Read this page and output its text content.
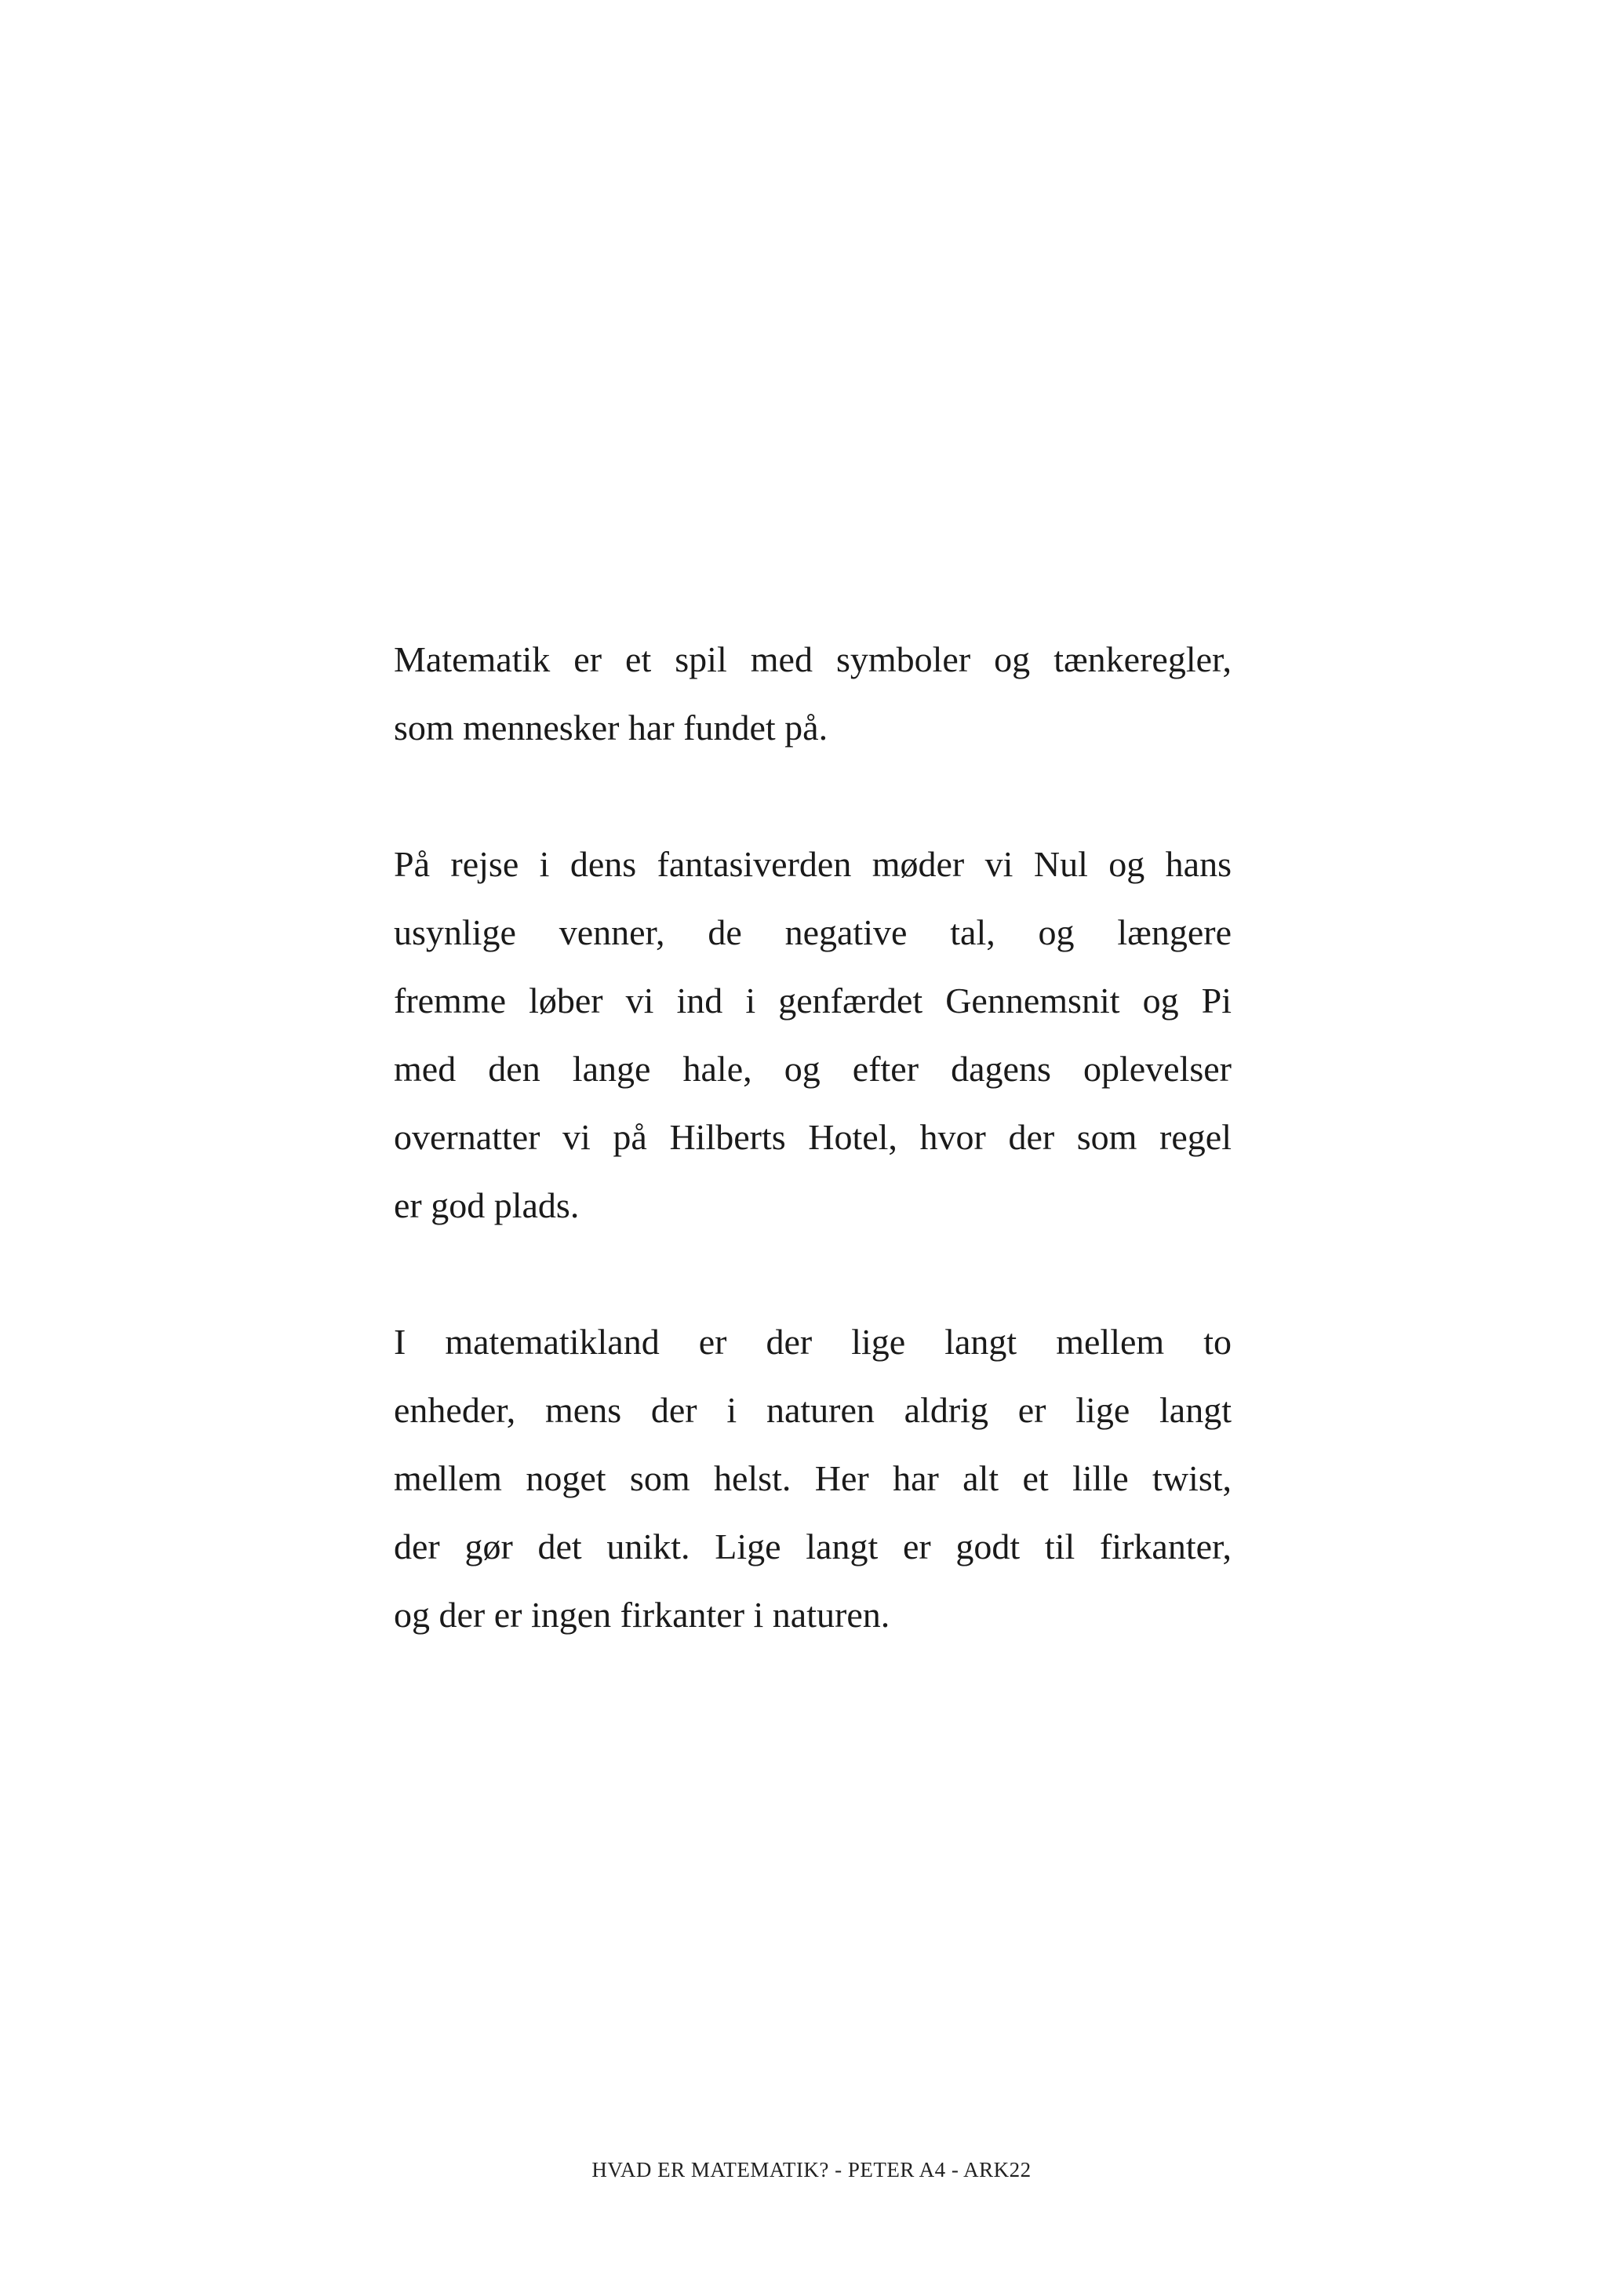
Matematik er et spil med symboler og tænkeregler,
som mennesker har fundet på.

På rejse i dens fantasiverden møder vi Nul og hans
usynlige venner, de negative tal, og længere
fremme løber vi ind i genfærdet Gennemsnit og Pi
med den lange hale, og efter dagens oplevelser
overnatter vi på Hilberts Hotel, hvor der som regel
er god plads.

I matematikland er der lige langt mellem to
enheder, mens der i naturen aldrig er lige langt
mellem noget som helst. Her har alt et lille twist,
der gør det unikt. Lige langt er godt til firkanter,
og der er ingen firkanter i naturen.

HVAD ER MATEMATIK? - PETER A4 - ARK22
